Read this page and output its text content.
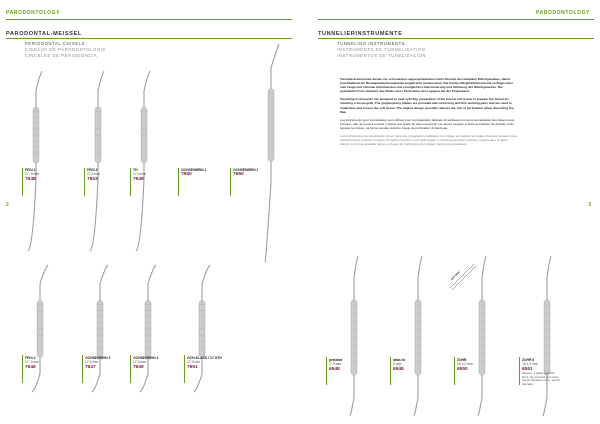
PARODONTOLOGY
PARODONTAL-MEISSEL
PERIODONTAL CHISELS
CISEAUX DE PARODONTOLOGIE
CINCELES DE PERIODONCIA
2
FEDI 1
17, 9 mm
7648
FEDI 2
17,0 mm
7653
TH
17,0 mm
7649
OCHSENBEIN 1
7650
OCHSENBEIN 2
7650
FEDI 3
17, 9 mm
7646
OCHSENBEIN 3
17,0 mm
7647
OCHSENBEIN 4
17,0 mm
7649
OCH-KLASS / 17 GTH
17,0 mm
7651
PARODONTOLOGY
TUNNELIERINSTRUMENTE
TUNNELING INSTRUMENTS
INSTRUMENTS DE TUNNELISATION
INSTRUMENTOS DE TUNELIZACIÓN
3
Tunnelierinstrumente dienen zur schonenden Lappenpräparation beim Tunneln des bukkalen Weichgewebes, damit anschließend ein Bindegewebetransplantat eingebracht werden kann. Die breiten Ringblattinstrumente verfügen über sehr lange und schmale Arbeitsenden und ermöglichen Unterminierung und Ablösung des Weichgewebes. Die gewinkelte Form reduziert das Risiko einer Perforation des Lappens bei der Präparation.
Tunneling instruments are designed to treat split flap preparation of the buccal soft tissue to prepare the tunnel for inserting a tissue graft. The gingivoplasty blades are provided with extra long and thin working parts and are used to undermine and loosen the soft tissue. The angled design specially reduces the risk of perforation when dissecting the flap.
Les instruments pour tunnelisation sont utilisés pour la préparation délicate du lambeau lors de la tunnelisation des tissus mous buccaux, afin de pouvoir ensuite y placer une greffe de tissu conjonctif. Les lames longues et fines permettent de décoller et de séparer les tissus. La forme coudée réduit le risque de perforation du lambeau.
Los instrumentos de tunelización sirven para una preparación cuidadosa del colgajo al tunelizar los tejidos blandos bucales, para posteriormente colocar un injerto de tejido conectivo. Las hojas largas y estrechas permiten socavar y desprender el tejido blando. La forma acodada reduce el riesgo de perforación del colgajo durante la preparación.
0,6 mm
periotlar
2, 9 mm
6548
atlas lic
2 mm
6549
ZUHR
19 x 2 mm
6550
ZUHR II
19 x 2 mm
6551
doppelt, 2 glatte gezahnt blunt, tip serrated émoussé, pointe dentelée romo, punta dentada
